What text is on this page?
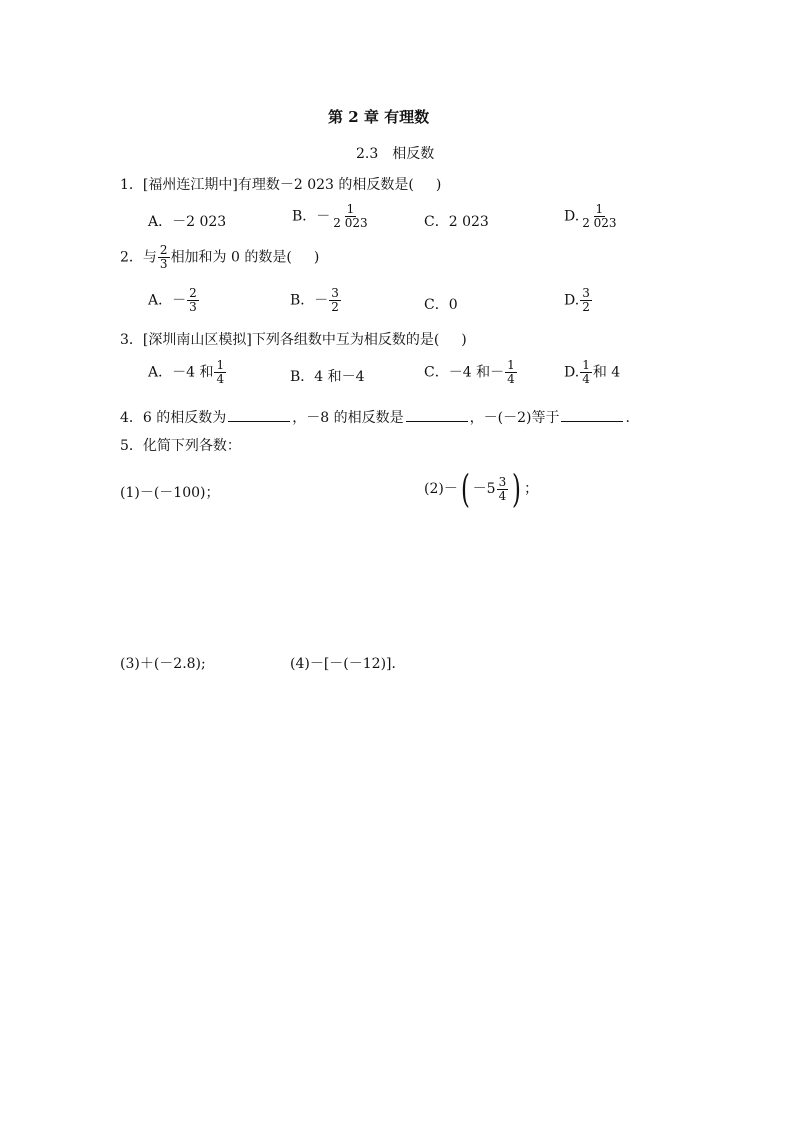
第 2 章 有理数
2.3　相反数
1．[福州连江期中]有理数－2 023 的相反数是( )
A．－2 023	B．－ $\frac{1}{2 023}$	C．2 023	D. $\frac{1}{2 023}$
2．与 $\frac{2}{3}$ 相加和为 0 的数是( )
A．－ $\frac{2}{3}$	B．－ $\frac{3}{2}$	C．0	D. $\frac{3}{2}$
3．[深圳南山区模拟]下列各组数中互为相反数的是( )
A．－4 和 $\frac{1}{4}$	B．4 和－4	C．－4 和－ $\frac{1}{4}$	D. $\frac{1}{4}$ 和 4
4．6 的相反数为	，－8 的相反数是	，－(－2)等于	.
5．化简下列各数：
(1)－(－100)；	$(2)-( -5 \frac{3}{4}$ ) ；
(3)＋(－2.8);	(4)－[－(－12)]．
